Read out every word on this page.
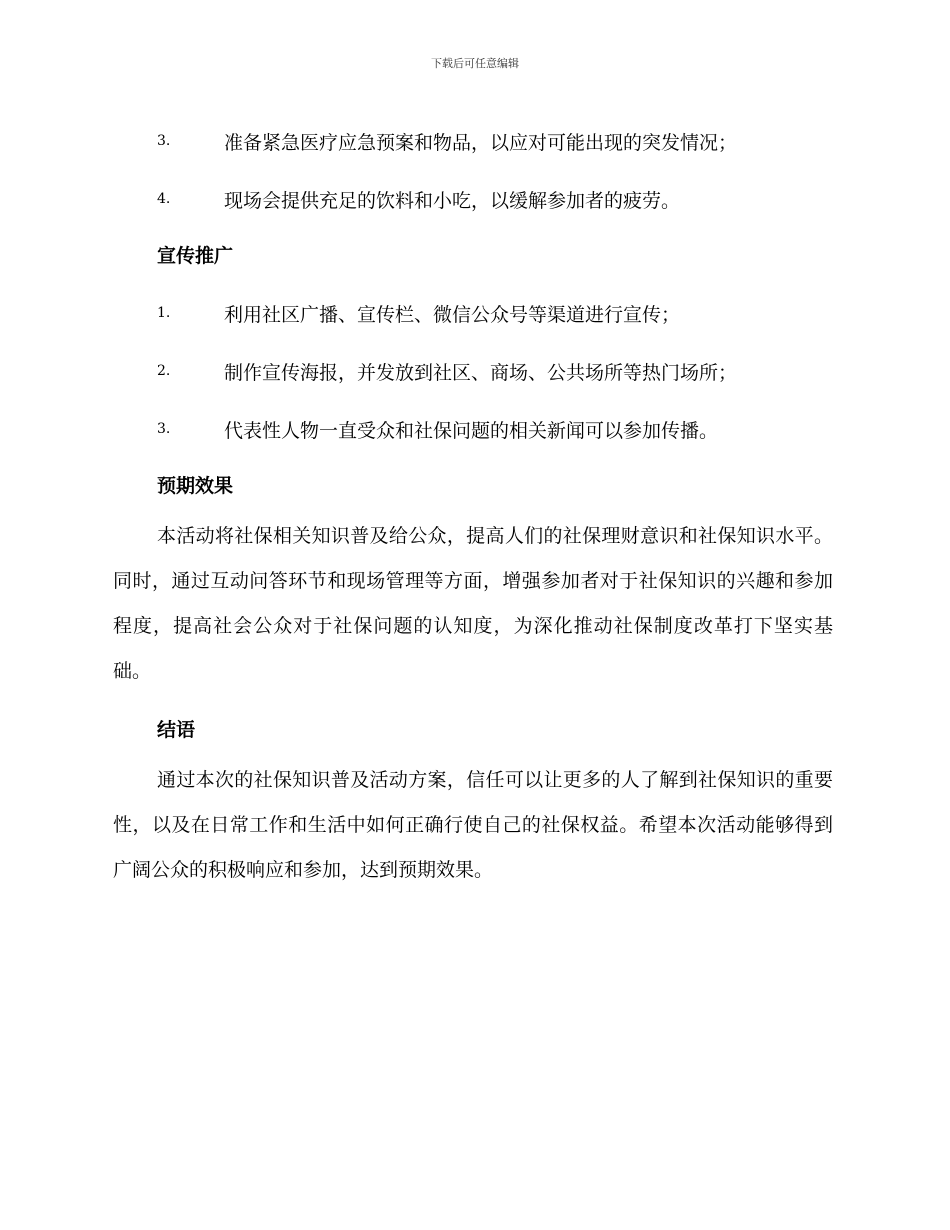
下载后可任意编辑
3.	准备紧急医疗应急预案和物品，以应对可能出现的突发情况；
4.	现场会提供充足的饮料和小吃，以缓解参加者的疲劳。
宣传推广
1.	利用社区广播、宣传栏、微信公众号等渠道进行宣传；
2.	制作宣传海报，并发放到社区、商场、公共场所等热门场所；
3.	代表性人物一直受众和社保问题的相关新闻可以参加传播。
预期效果

本活动将社保相关知识普及给公众，提高人们的社保理财意识和社保知识水平。同时，通过互动问答环节和现场管理等方面，增强参加者对于社保知识的兴趣和参加程度，提高社会公众对于社保问题的认知度，为深化推动社保制度改革打下坚实基础。

结语

通过本次的社保知识普及活动方案，信任可以让更多的人了解到社保知识的重要性，以及在日常工作和生活中如何正确行使自己的社保权益。希望本次活动能够得到广阔公众的积极响应和参加，达到预期效果。
